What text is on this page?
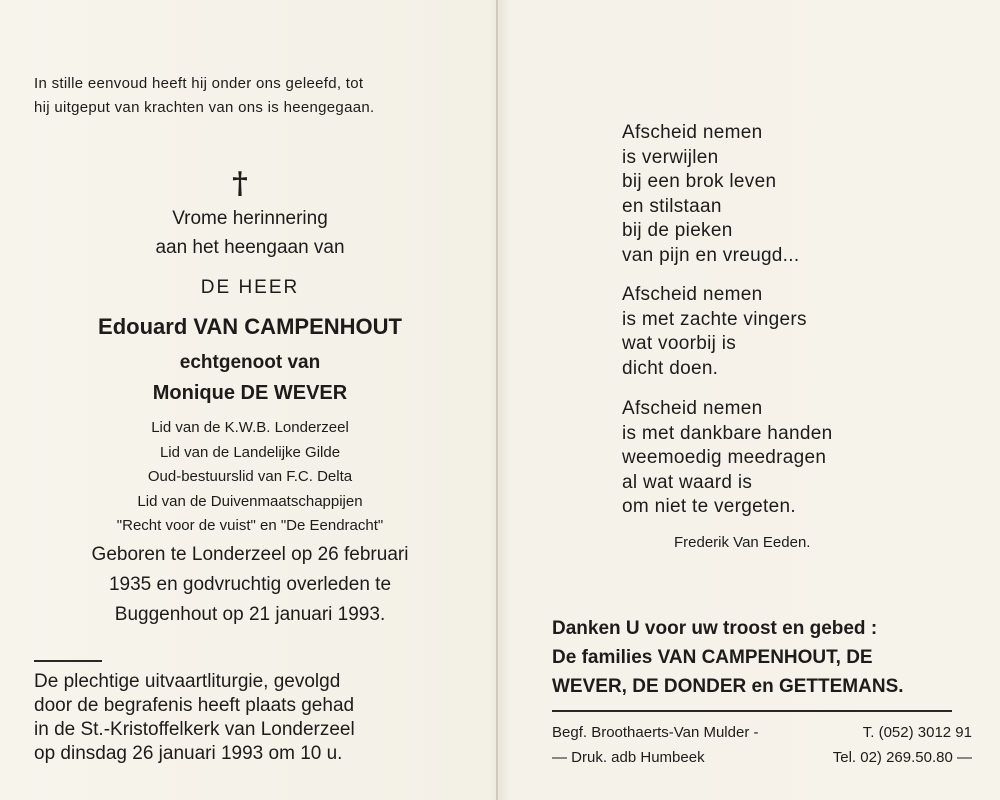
In stille eenvoud heeft hij onder ons geleefd, tot
hij uitgeput van krachten van ons is heengegaan.
†
Vrome herinnering
aan het heengaan van
DE HEER
Edouard VAN CAMPENHOUT
echtgenoot van
Monique DE WEVER
Lid van de K.W.B. Londerzeel
Lid van de Landelijke Gilde
Oud-bestuurslid van F.C. Delta
Lid van de Duivenmaatschappijen
"Recht voor de vuist" en "De Eendracht"
Geboren te Londerzeel op 26 februari
1935 en godvruchtig overleden te
Buggenhout op 21 januari 1993.
De plechtige uitvaartliturgie, gevolgd
door de begrafenis heeft plaats gehad
in de St.-Kristoffelkerk van Londerzeel
op dinsdag 26 januari 1993 om 10 u.
Afscheid nemen
is verwijlen
bij een brok leven
en stilstaan
bij de pieken
van pijn en vreugd...
Afscheid nemen
is met zachte vingers
wat voorbij is
dicht doen.
Afscheid nemen
is met dankbare handen
weemoedig meedragen
al wat waard is
om niet te vergeten.
Frederik Van Eeden.
Danken U voor uw troost en gebed :
De families VAN CAMPENHOUT, DE
WEVER, DE DONDER en GETTEMANS.
Begf. Broothaerts-Van Mulder -	T. (052) 3012 91
— Druk. adb Humbeek	Tel. 02) 269.50.80 —
